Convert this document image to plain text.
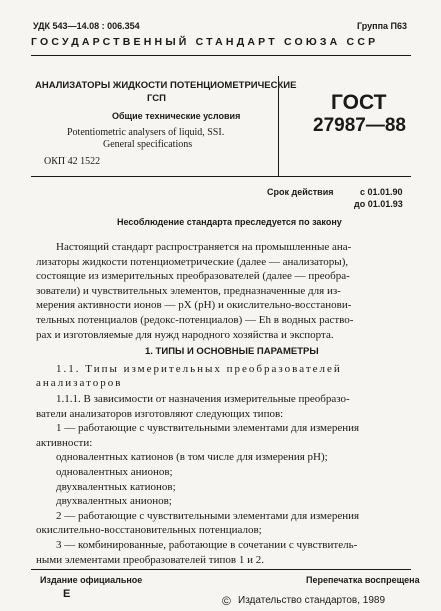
УДК 543—14.08 : 006.354	Группа П63
ГОСУДАРСТВЕННЫЙ СТАНДАРТ СОЮЗА ССР
АНАЛИЗАТОРЫ ЖИДКОСТИ ПОТЕНЦИОМЕТРИЧЕСКИЕ
ГСП
Общие технические условия
Potentiometric analysers of liquid, SSI.
General specifications
ОКП 42 1522
ГОСТ
27987—88
Срок действия	с 01.01.90
до 01.01.93
Несоблюдение стандарта преследуется по закону
Настоящий стандарт распространяется на промышленные ана-
лизаторы жидкости потенциометрические (далее — анализаторы),
состоящие из измерительных преобразователей (далее — преобра-
зователи) и чувствительных элементов, предназначенные для из-
мерения активности ионов — pX (pH) и окислительно-восстанови-
тельных потенциалов (редокс-потенциалов) — Eh в водных раство-
рах и изготовляемые для нужд народного хозяйства и экспорта.
1. ТИПЫ И ОСНОВНЫЕ ПАРАМЕТРЫ
1.1. Типы измерительных преобразователей
анализаторов
1.1.1. В зависимости от назначения измерительные преобразо-
ватели анализаторов изготовляют следующих типов:
1 — работающие с чувствительными элементами для измерения
активности:
одновалентных катионов (в том числе для измерения pH);
одновалентных анионов;
двухвалентных катионов;
двухвалентных анионов;
2 — работающие с чувствительными элементами для измерения
окислительно-восстановительных потенциалов;
3 — комбинированные, работающие в сочетании с чувствитель-
ными элементами преобразователей типов 1 и 2.
Издание официальное	Перепечатка воспрещена
E	© Издательство стандартов, 1989
